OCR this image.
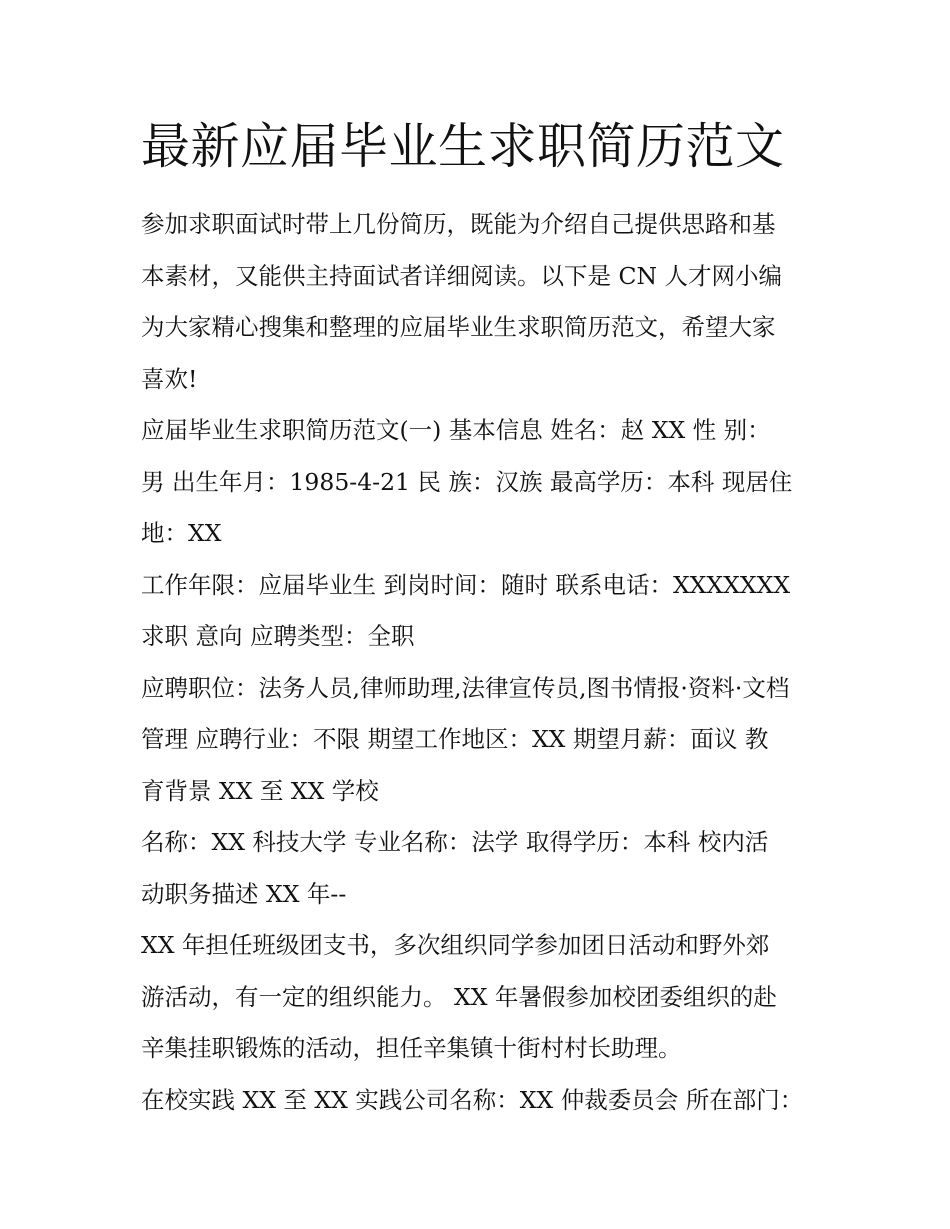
最新应届毕业生求职简历范文
参加求职面试时带上几份简历，既能为介绍自己提供思路和基
本素材，又能供主持面试者详细阅读。以下是 CN 人才网小编
为大家精心搜集和整理的应届毕业生求职简历范文，希望大家
喜欢!
应届毕业生求职简历范文(一) 基本信息 姓名：赵 XX 性 别：
男 出生年月：1985-4-21 民 族：汉族 最高学历：本科 现居住
地：XX
工作年限：应届毕业生 到岗时间：随时 联系电话：XXXXXXX
求职 意向 应聘类型：全职
应聘职位：法务人员,律师助理,法律宣传员,图书情报·资料·文档
管理 应聘行业：不限 期望工作地区：XX 期望月薪：面议 教
育背景 XX 至 XX 学校
名称：XX 科技大学 专业名称：法学 取得学历：本科 校内活
动职务描述 XX 年--
XX 年担任班级团支书，多次组织同学参加团日活动和野外郊
游活动，有一定的组织能力。 XX 年暑假参加校团委组织的赴
辛集挂职锻炼的活动，担任辛集镇十街村村长助理。
在校实践 XX 至 XX 实践公司名称：XX 仲裁委员会 所在部门：
